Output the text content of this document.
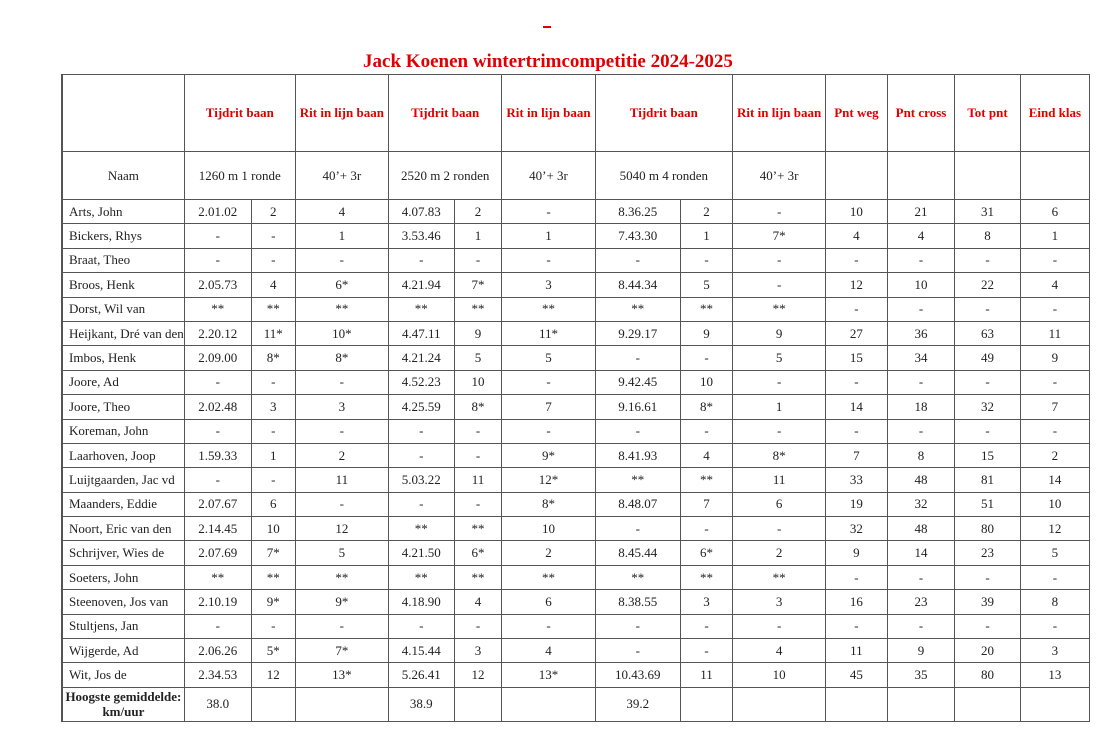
Jack Koenen wintertrimcompetitie 2024-2025
		Tijdrit baan		Rit in lijn baan	Tijdrit baan		Rit in lijn baan	Tijdrit baan		Rit in lijn baan	Pnt weg	Pnt cross	Tot pnt	Eind klas
	Naam	1260 m 1 ronde		40’+ 3r	2520 m 2 ronden		40’+ 3r	5040 m 4 ronden		40’+ 3r				
	Arts, John	2.01.02	2	4	4.07.83	2	-	8.36.25	2	-	10	21	31	6
	Bickers, Rhys	-	-	1	3.53.46	1	1	7.43.30	1	7*	4	4	8	1
	Braat, Theo	-	-	-	-	-	-	-	-	-	-	-	-	-
	Broos, Henk	2.05.73	4	6*	4.21.94	7*	3	8.44.34	5	-	12	10	22	4
	Dorst, Wil van	**	**	**	**	**	**	**	**	**	-	-	-	-
	Heijkant, Dré van den	2.20.12	11*	10*	4.47.11	9	11*	9.29.17	9	9	27	36	63	11
	Imbos, Henk	2.09.00	8*	8*	4.21.24	5	5	-	-	5	15	34	49	9
	Joore, Ad	-	-	-	4.52.23	10	-	9.42.45	10	-	-	-	-	-
	Joore, Theo	2.02.48	3	3	4.25.59	8*	7	9.16.61	8*	1	14	18	32	7
	Koreman, John	-	-	-	-	-	-	-	-	-	-	-	-	-
	Laarhoven, Joop	1.59.33	1	2	-	-	9*	8.41.93	4	8*	7	8	15	2
	Luijtgaarden, Jac vd	-	-	11	5.03.22	11	12*	**	**	11	33	48	81	14
	Maanders, Eddie	2.07.67	6	-	-	-	8*	8.48.07	7	6	19	32	51	10
	Noort, Eric van den	2.14.45	10	12	**	**	10	-	-	-	32	48	80	12
	Schrijver, Wies de	2.07.69	7*	5	4.21.50	6*	2	8.45.44	6*	2	9	14	23	5
	Soeters, John	**	**	**	**	**	**	**	**	**	-	-	-	-
	Steenoven, Jos van	2.10.19	9*	9*	4.18.90	4	6	8.38.55	3	3	16	23	39	8
	Stultjens, Jan	-	-	-	-	-	-	-	-	-	-	-	-	-
	Wijgerde, Ad	2.06.26	5*	7*	4.15.44	3	4	-	-	4	11	9	20	3
	Wit, Jos de	2.34.53	12	13*	5.26.41	12	13*	10.43.69	11	10	45	35	80	13
	Hoogste gemiddelde: km/uur	38.0			38.9			39.2						
